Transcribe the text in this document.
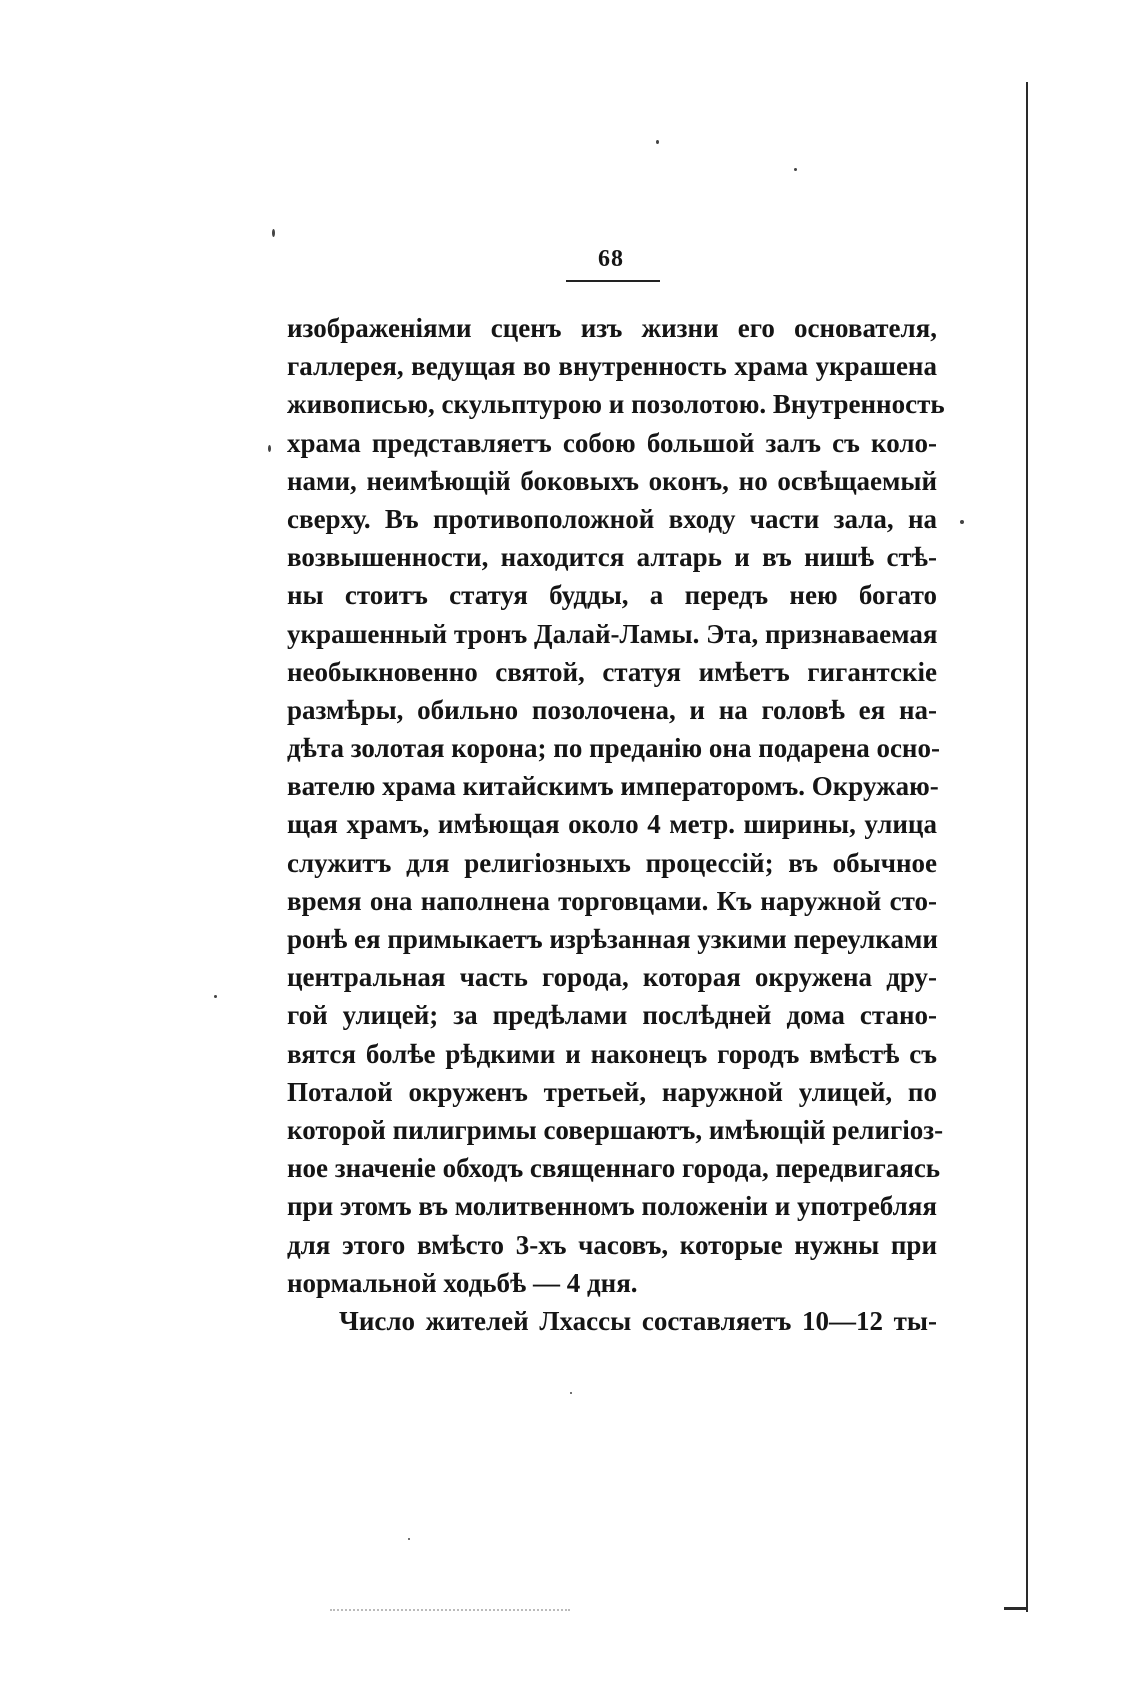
68
изображеніями сценъ изъ жизни его основателя,
галлерея, ведущая во внутренность храма украшена
живописью, скульптурою и позолотою. Внутренность
храма представляетъ собою большой залъ съ коло-
нами, неимѣющій боковыхъ оконъ, но освѣщаемый
сверху. Въ противоположной входу части зала, на
возвышенности, находится алтарь и въ нишѣ стѣ-
ны стоитъ статуя будды, а передъ нею богато
украшенный тронъ Далай-Ламы. Эта, признаваемая
необыкновенно святой, статуя имѣетъ гигантскіе
размѣры, обильно позолочена, и на головѣ ея на-
дѣта золотая корона; по преданію она подарена осно-
вателю храма китайскимъ императоромъ. Окружаю-
щая храмъ, имѣющая около 4 метр. ширины, улица
служитъ для религіозныхъ процессій; въ обычное
время она наполнена торговцами. Къ наружной сто-
ронѣ ея примыкаетъ изрѣзанная узкими переулками
центральная часть города, которая окружена дру-
гой улицей; за предѣлами послѣдней дома стано-
вятся болѣе рѣдкими и наконецъ городъ вмѣстѣ съ
Поталой окруженъ третьей, наружной улицей, по
которой пилигримы совершаютъ, имѣющій религіоз-
ное значеніе обходъ священнаго города, передвигаясь
при этомъ въ молитвенномъ положеніи и употребляя
для этого вмѣсто 3-хъ часовъ, которые нужны при
нормальной ходьбѣ — 4 дня.
Число жителей Лхассы составляетъ 10—12 ты-
